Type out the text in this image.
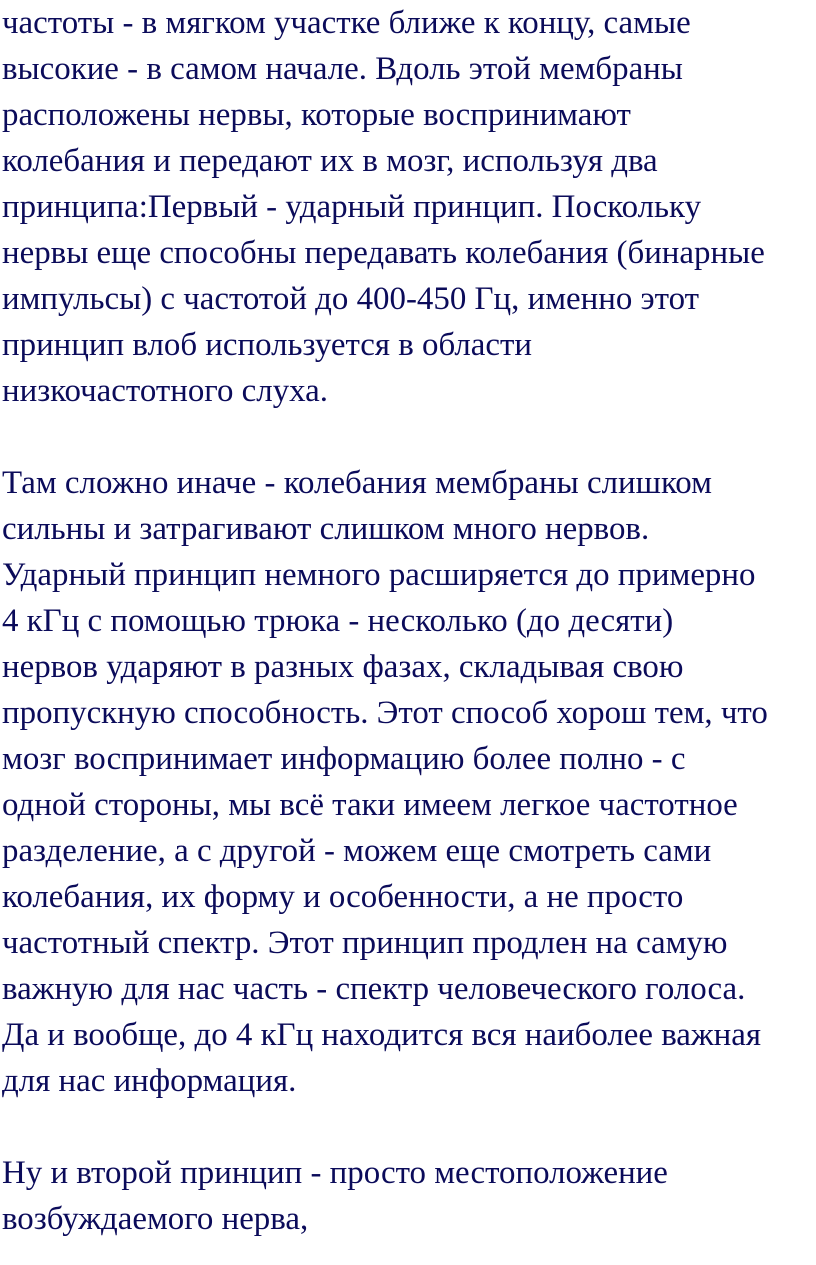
частоты - в мягком участке ближе к концу, самые
высокие - в самом начале. Вдоль этой мембраны
расположены нервы, которые воспринимают
колебания и передают их в мозг, используя два
принципа:Первый - ударный принцип. Поскольку
нервы еще способны передавать колебания (бинарные
импульсы) с частотой до 400-450 Гц, именно этот
принцип влоб используется в области
низкочастотного слуха.
Там сложно иначе - колебания мембраны слишком
сильны и затрагивают слишком много нервов.
Ударный принцип немного расширяется до примерно
4 кГц с помощью трюка - несколько (до десяти)
нервов ударяют в разных фазах, складывая свою
пропускную способность. Этот способ хорош тем, что
мозг воспринимает информацию более полно - с
одной стороны, мы всё таки имеем легкое частотное
разделение, а с другой - можем еще смотреть сами
колебания, их форму и особенности, а не просто
частотный спектр. Этот принцип продлен на самую
важную для нас часть - спектр человеческого голоса.
Да и вообще, до 4 кГц находится вся наиболее важная
для нас информация.
Ну и второй принцип - просто местоположение
возбуждаемого нерва,
